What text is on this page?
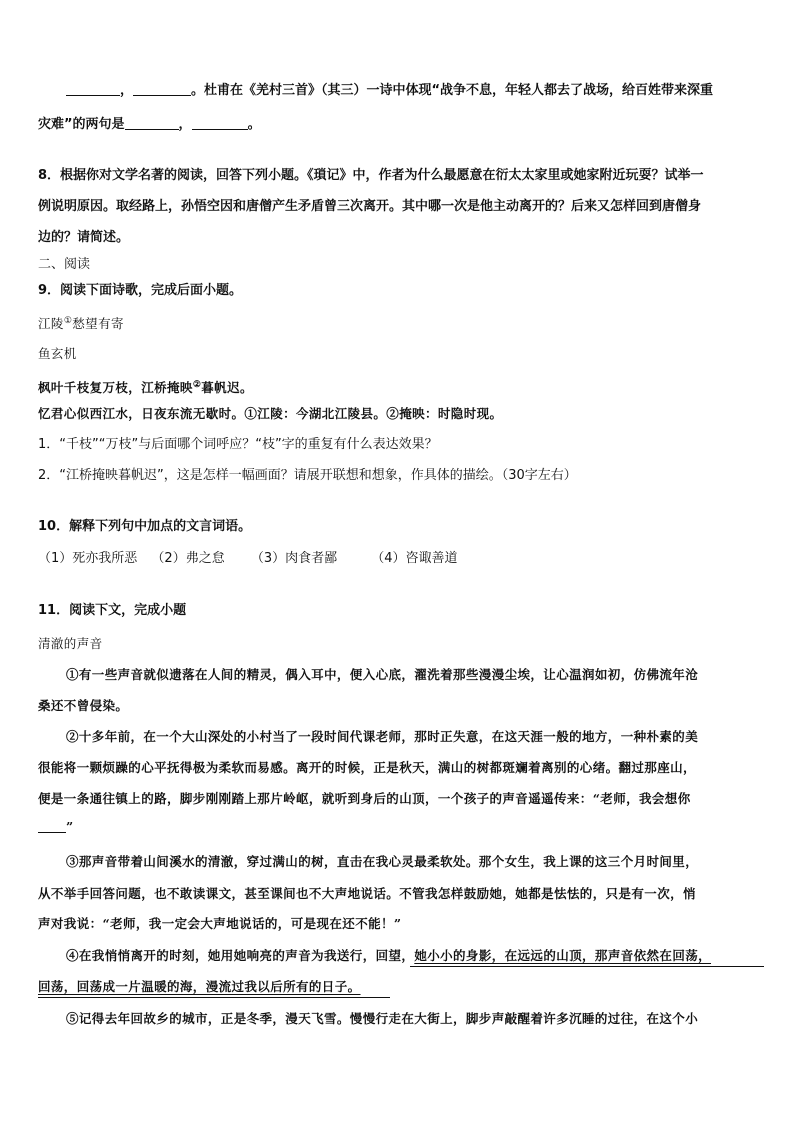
，	。杜甫在《羌村三首》（其三）一诗中体现“战争不息，年轻人都去了战场，给百姓带来深重
灾难”的两句是	，	。
8．根据你对文学名著的阅读，回答下列小题。《瑣记》中，作者为什么最愿意在衍太太家里或她家附近玩耍？试举一
例说明原因。取经路上，孙悟空因和唐僧产生矛盾曾三次离开。其中哪一次是他主动离开的？后来又怎样回到唐僧身
边的？请简述。
二、阅读
9．阅读下面诗歌，完成后面小题。
江陵①愁望有寄
鱼玄机
枫叶千枝复万枝，江桥掩映②暮帆迟。
忆君心似西江水，日夜东流无歇时。①江陵：今湖北江陵县。②掩映：时隐时现。
1．“千枝”“万枝”与后面哪个词呼应？“枝”字的重复有什么表达效果？
2．“江桥掩映暮帆迟”，这是怎样一幅画面？请展开联想和想象，作具体的描绘。（30字左右）
10．解释下列句中加点的文言词语。
（1）死亦我所恶 （2）弗之怠 （3）肉食者鄙	（4）咨诹善道
11．阅读下文，完成小题
清澈的声音
①有一些声音就似遗落在人间的精灵，偶入耳中，便入心底，濯洗着那些漫漫尘埃，让心温润如初，仿佛流年沧
桑还不曾侵染。
②十多年前，在一个大山深处的小村当了一段时间代课老师，那时正失意，在这天涯一般的地方，一种朴素的美
很能将一颗烦躁的心平抚得极为柔软而易感。离开的时候，正是秋天，满山的树都斑斓着离别的心绪。翻过那座山，
便是一条通往镇上的路，脚步刚刚踏上那片岭岖，就听到身后的山顶，一个孩子的声音遥遥传来：“老师，我会想你
”
③那声音带着山间溪水的清澈，穿过满山的树，直击在我心灵最柔软处。那个女生，我上课的这三个月时间里，
从不举手回答问题，也不敢读课文，甚至课间也不大声地说话。不管我怎样鼓励她，她都是怯怯的，只是有一次，悄
声对我说：“老师，我一定会大声地说话的，可是现在还不能！”
④在我悄悄离开的时刻，她用她响亮的声音为我送行，回望，她小小的身影，在远远的山顶，那声音依然在回荡，
回荡，回荡成一片温暖的海，漫流过我以后所有的日子。
⑤记得去年回故乡的城市，正是冬季，漫天飞雪。慢慢行走在大街上，脚步声敲醒着许多沉睡的过往，在这个小
